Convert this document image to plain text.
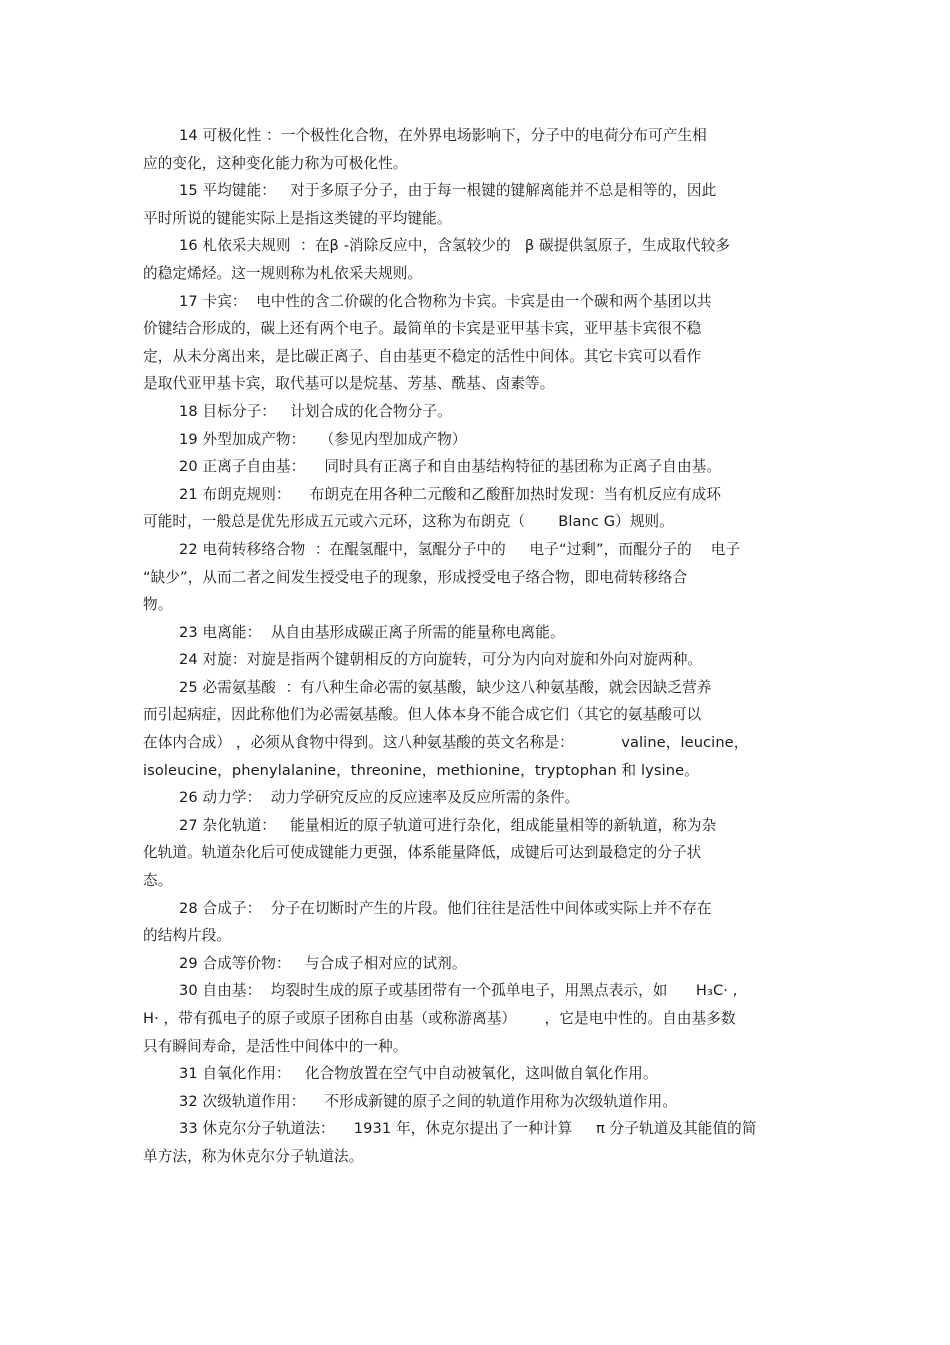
14 可极化性 ：一个极性化合物，在外界电场影响下，分子中的电荷分布可产生相
应的变化，这种变化能力称为可极化性。
15 平均键能：   对于多原子分子，由于每一根键的键解离能并不总是相等的，因此
平时所说的键能实际上是指这类键的平均键能。
16 札依采夫规则  ：在β -消除反应中，含氢较少的   β 碳提供氢原子，生成取代较多
的稳定烯烃。这一规则称为札依采夫规则。
17 卡宾：  电中性的含二价碳的化合物称为卡宾。卡宾是由一个碳和两个基团以共
价键结合形成的，碳上还有两个电子。最简单的卡宾是亚甲基卡宾，亚甲基卡宾很不稳
定，从未分离出来，是比碳正离子、自由基更不稳定的活性中间体。其它卡宾可以看作
是取代亚甲基卡宾，取代基可以是烷基、芳基、酰基、卤素等。
18 目标分子：   计划合成的化合物分子。
19 外型加成产物：   （参见内型加成产物）
20 正离子自由基：    同时具有正离子和自由基结构特征的基团称为正离子自由基。
21 布朗克规则：    布朗克在用各种二元酸和乙酸酐加热时发现：当有机反应有成环
可能时，一般总是优先形成五元或六元环，这称为布朗克（       Blanc G）规则。
22 电荷转移络合物  ：在醌氢醌中，氢醌分子中的     电子“过剩”，而醌分子的    电子
“缺少”，从而二者之间发生授受电子的现象，形成授受电子络合物，即电荷转移络合
物。
23 电离能：  从自由基形成碳正离子所需的能量称电离能。
24 对旋：对旋是指两个键朝相反的方向旋转，可分为内向对旋和外向对旋两种。
25 必需氨基酸  ：有八种生命必需的氨基酸，缺少这八种氨基酸，就会因缺乏营养
而引起病症，因此称他们为必需氨基酸。但人体本身不能合成它们（其它的氨基酸可以
在体内合成） ，必须从食物中得到。这八种氨基酸的英文名称是：          valine，leucine，
isoleucine，phenylalanine，threonine，methionine，tryptophan 和 lysine。
26 动力学：  动力学研究反应的反应速率及反应所需的条件。
27 杂化轨道：   能量相近的原子轨道可进行杂化，组成能量相等的新轨道，称为杂
化轨道。轨道杂化后可使成键能力更强，体系能量降低，成键后可达到最稳定的分子状
态。
28 合成子：  分子在切断时产生的片段。他们往往是活性中间体或实际上并不存在
的结构片段。
29 合成等价物：   与合成子相对应的试剂。
30 自由基：  均裂时生成的原子或基团带有一个孤单电子，用黑点表示，如      H₃C· ,
H· ，带有孤电子的原子或原子团称自由基（或称游离基）      ，它是电中性的。自由基多数
只有瞬间寿命，是活性中间体中的一种。
31 自氧化作用：   化合物放置在空气中自动被氧化，这叫做自氧化作用。
32 次级轨道作用：    不形成新键的原子之间的轨道作用称为次级轨道作用。
33 休克尔分子轨道法：    1931 年，休克尔提出了一种计算     π 分子轨道及其能值的简
单方法，称为休克尔分子轨道法。
